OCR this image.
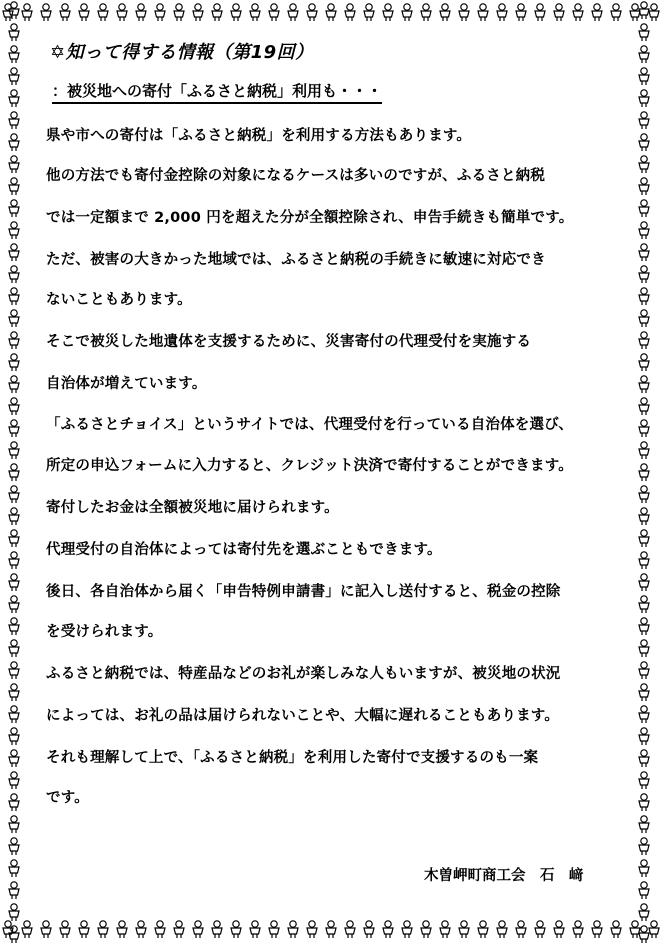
✡知って得する情報（第19回）
：被災地への寄付「ふるさと納税」利用も・・・
県や市への寄付は「ふるさと納税」を利用する方法もあります。
他の方法でも寄付金控除の対象になるケースは多いのですが、ふるさと納税
では一定額まで 2,000 円を超えた分が全額控除され、申告手続きも簡単です。
ただ、被害の大きかった地域では、ふるさと納税の手続きに敏速に対応でき
ないこともあります。
そこで被災した地遺体を支援するために、災害寄付の代理受付を実施する
自治体が増えています。
「ふるさとチョイス」というサイトでは、代理受付を行っている自治体を選び、
所定の申込フォームに入力すると、クレジット決済で寄付することができます。
寄付したお金は全額被災地に届けられます。
代理受付の自治体によっては寄付先を選ぶこともできます。
後日、各自治体から届く「申告特例申請書」に記入し送付すると、税金の控除
を受けられます。
ふるさと納税では、特産品などのお礼が楽しみな人もいますが、被災地の状況
によっては、お礼の品は届けられないことや、大幅に遅れることもあります。
それも理解して上で、「ふるさと納税」を利用した寄付で支援するのも一案
です。
木曽岬町商工会　石　﨑
